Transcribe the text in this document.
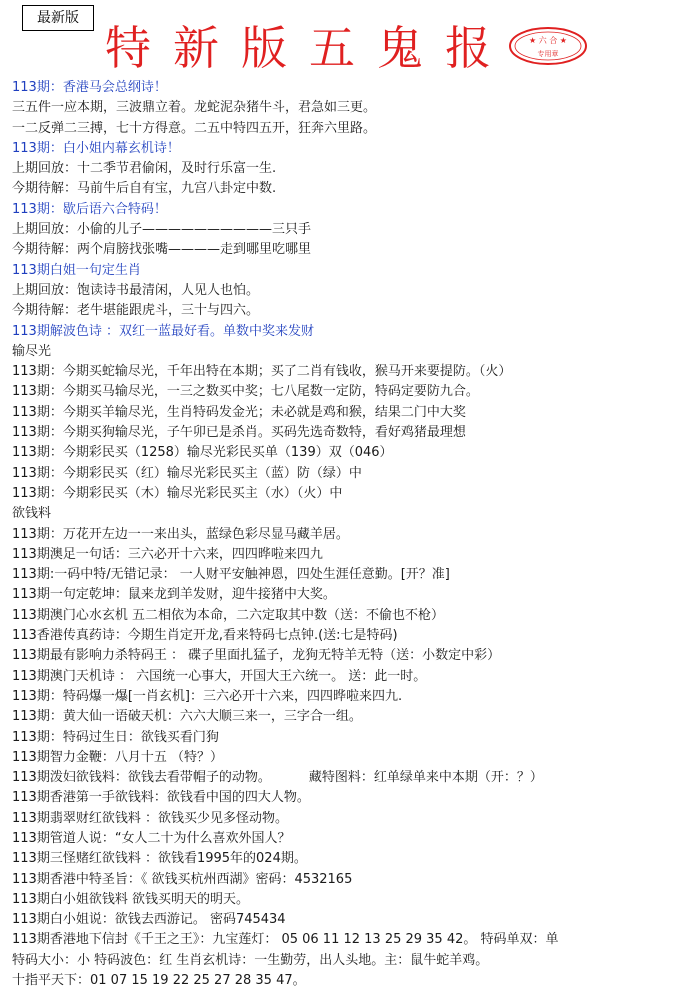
最新版
特新版五鬼报 ★ 六 合 ★
专用章
113期：香港马会总纲诗！
三五件一应本期，三波鼎立着。龙蛇泥杂猪牛斗，君急如三更。
一二反弹二三搏，七十方得意。二五中特四五开，狂奔六里路。
113期：白小姐内幕玄机诗！
上期回放：十二季节君偷闲，及时行乐富一生.
今期待解：马前牛后自有宝，九宫八卦定中数.
113期：歇后语六合特码！
上期回放：小偷的儿子——————————三只手
今期待解：两个肩膀找张嘴————走到哪里吃哪里
113期白姐一句定生肖
上期回放：饱读诗书最清闲，人见人也怕。
今期待解：老牛堪能跟虎斗，三十与四六。
113期解波色诗 ：双红一蓝最好看。单数中奖来发财
输尽光
113期：今期买蛇输尽光，千年出特在本期；买了二肖有钱收，猴马开来要提防。（火）
113期：今期买马输尽光，一三之数买中奖；七八尾数一定防，特码定要防九合。
113期：今期买羊输尽光，生肖特码发金光；未必就是鸡和猴，结果二门中大奖
113期：今期买狗输尽光，子午卯已是杀肖。买码先选奇数特，看好鸡猪最理想
113期：今期彩民买（1258）输尽光彩民买单（139）双（046）
113期：今期彩民买（红）输尽光彩民买主（蓝）防（绿）中
113期：今期彩民买（木）输尽光彩民买主（水）（火）中
欲钱料
113期：万花开左边一一来出头，蓝绿色彩尽显马藏羊居。
113期澳足一句话：三六必开十六来，四四晔啦来四九
113期:一码中特/无错记录： 一人财平安触神恩，四处生涯任意勤。[开？准]
113期一句定乾坤：鼠来龙到羊发财，迎牛接猪中大奖。
113期澳门心水玄机 五二相依为本命，二六定取其中数（送：不偷也不枪）
113香港传真药诗：今期生肖定开龙,看来特码七点钟.(送:七是特码)
113期最有影响力杀特码王 ： 碟子里面扎猛子，龙狗无特羊无特（送：小数定中彩）
113期澳门天机诗 ： 六国统一心事大，开国大王六统一。 送：此一时。
113期：特码爆一爆[一肖玄机]：三六必开十六来，四四晔啦来四九.
113期：黄大仙一语破天机：六六大顺三来一，三字合一组。
113期：特码过生日：欲钱买看门狗
113期智力金鞭：八月十五 （特？）
113期泼妇欲钱料：欲钱去看带帽子的动物。	藏特图料：红单绿单来中本期（开：？）
113期香港第一手欲钱料：欲钱看中国的四大人物。
113期翡翠财红欲钱料 ：欲钱买少见多怪动物。
113期管道人说：“女人二十为什么喜欢外国人？
113期三怪赌红欲钱料 ：欲钱看1995年的024期。
113期香港中特圣旨：《 欲钱买杭州西湖》密码：4532165
113期白小姐欲钱料 欲钱买明天的明天。
113期白小姐说：欲钱去西游记。 密码745434
113期香港地下信封《千王之王》：九宝莲灯： 05 06 11 12 13 25 29 35 42。 特码单双：单
特码大小：小 特码波色：红 生肖玄机诗：一生勤劳，出人头地。主：鼠牛蛇羊鸡。
十指平天下：01 07 15 19 22 25 27 28 35 47。
